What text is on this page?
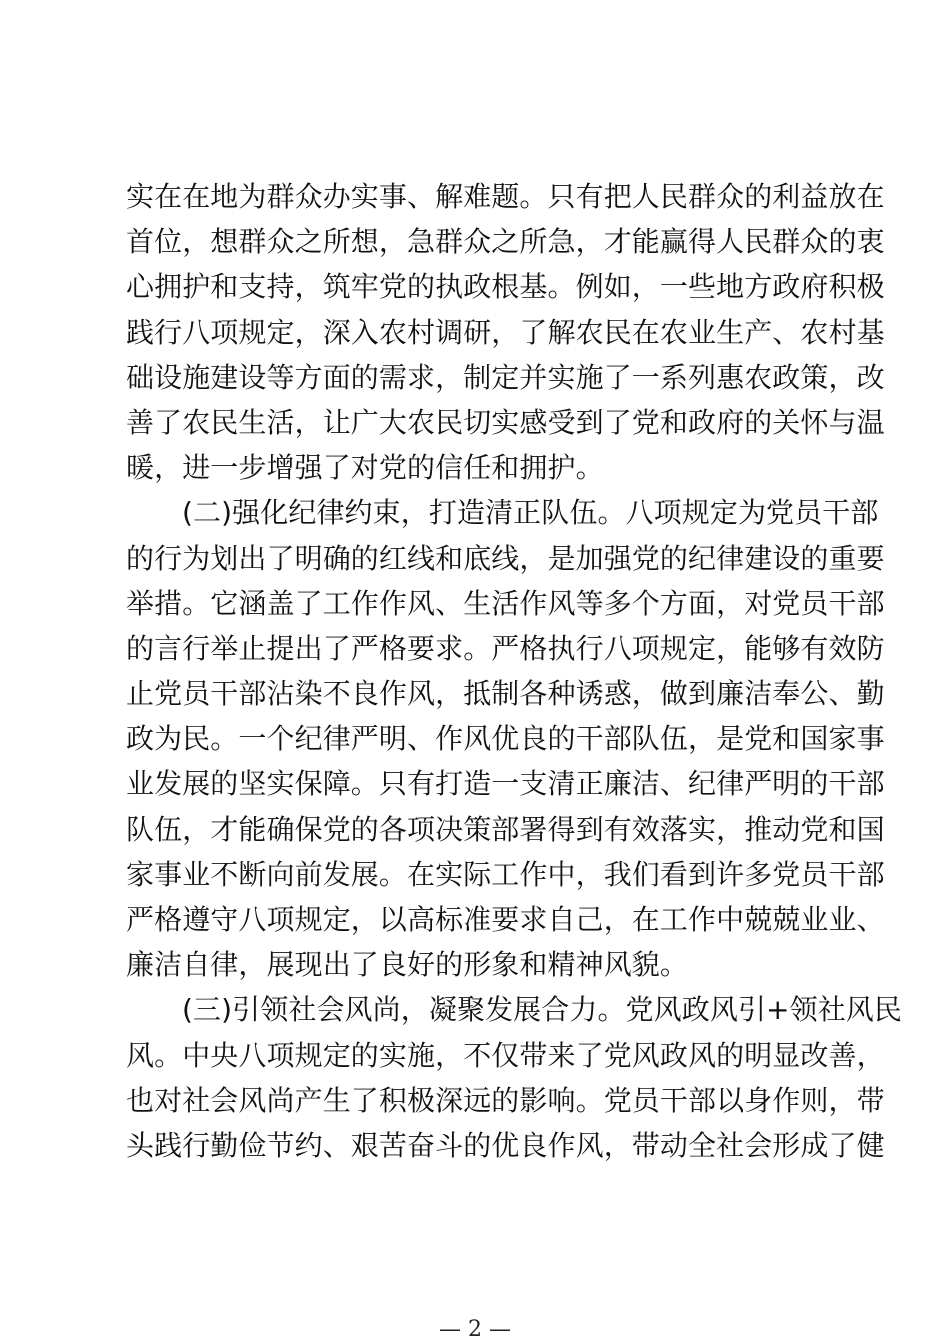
实在在地为群众办实事、解难题。只有把人民群众的利益放在
首位，想群众之所想，急群众之所急，才能赢得人民群众的衷
心拥护和支持，筑牢党的执政根基。例如，一些地方政府积极
践行八项规定，深入农村调研，了解农民在农业生产、农村基
础设施建设等方面的需求，制定并实施了一系列惠农政策，改
善了农民生活，让广大农民切实感受到了党和政府的关怀与温
暖，进一步增强了对党的信任和拥护。
(二)强化纪律约束，打造清正队伍。八项规定为党员干部
的行为划出了明确的红线和底线，是加强党的纪律建设的重要
举措。它涵盖了工作作风、生活作风等多个方面，对党员干部
的言行举止提出了严格要求。严格执行八项规定，能够有效防
止党员干部沾染不良作风，抵制各种诱惑，做到廉洁奉公、勤
政为民。一个纪律严明、作风优良的干部队伍，是党和国家事
业发展的坚实保障。只有打造一支清正廉洁、纪律严明的干部
队伍，才能确保党的各项决策部署得到有效落实，推动党和国
家事业不断向前发展。在实际工作中，我们看到许多党员干部
严格遵守八项规定，以高标准要求自己，在工作中兢兢业业、
廉洁自律，展现出了良好的形象和精神风貌。
(三)引领社会风尚，凝聚发展合力。党风政风引+领社风民
风。中央八项规定的实施，不仅带来了党风政风的明显改善，
也对社会风尚产生了积极深远的影响。党员干部以身作则，带
头践行勤俭节约、艰苦奋斗的优良作风，带动全社会形成了健
— 2 —
